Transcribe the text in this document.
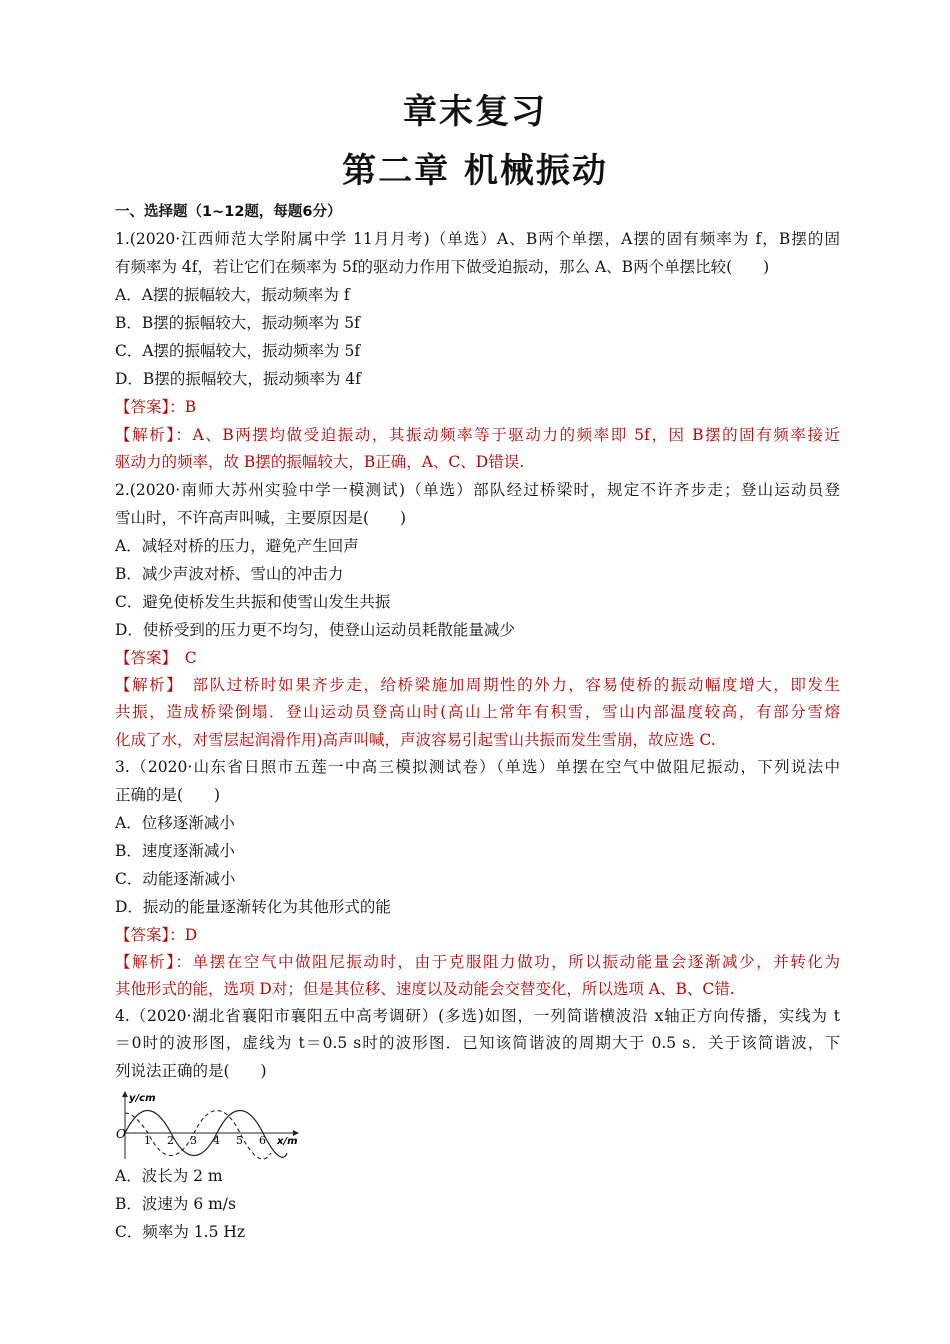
章末复习
第二章 机械振动
一、选择题（1~12题，每题6分）
1.(2020·江西师范大学附属中学 11月月考)（单选）A、B两个单摆，A摆的固有频率为 f，B摆的固
有频率为 4f，若让它们在频率为 5f的驱动力作用下做受迫振动，那么 A、B两个单摆比较(　　)
A．A摆的振幅较大，振动频率为 f
B．B摆的振幅较大，振动频率为 5f
C．A摆的振幅较大，振动频率为 5f
D．B摆的振幅较大，振动频率为 4f
【答案】：B
【解析】：A、B两摆均做受迫振动，其振动频率等于驱动力的频率即 5f，因 B摆的固有频率接近
驱动力的频率，故 B摆的振幅较大，B正确，A、C、D错误.
2.(2020·南师大苏州实验中学一模测试)（单选）部队经过桥梁时，规定不许齐步走；登山运动员登
雪山时，不许高声叫喊，主要原因是(　　)
A．减轻对桥的压力，避免产生回声
B．减少声波对桥、雪山的冲击力
C．避免使桥发生共振和使雪山发生共振
D．使桥受到的压力更不均匀，使登山运动员耗散能量减少
【答案】　C
【解析】　部队过桥时如果齐步走，给桥梁施加周期性的外力，容易使桥的振动幅度增大，即发生
共振，造成桥梁倒塌．登山运动员登高山时(高山上常年有积雪，雪山内部温度较高，有部分雪熔
化成了水，对雪层起润滑作用)高声叫喊，声波容易引起雪山共振而发生雪崩，故应选 C.
3.（2020·山东省日照市五莲一中高三模拟测试卷）（单选）单摆在空气中做阻尼振动，下列说法中
正确的是(　　)
A．位移逐渐减小
B．速度逐渐减小
C．动能逐渐减小
D．振动的能量逐渐转化为其他形式的能
【答案】：D
【解析】：单摆在空气中做阻尼振动时，由于克服阻力做功，所以振动能量会逐渐减少，并转化为
其他形式的能，选项 D对；但是其位移、速度以及动能会交替变化，所以选项 A、B、C错.
4.（2020·湖北省襄阳市襄阳五中高考调研）(多选)如图，一列简谐横波沿 x轴正方向传播，实线为 t
＝0时的波形图，虚线为 t＝0.5 s时的波形图．已知该简谐波的周期大于 0.5 s．关于该简谐波，下
列说法正确的是(　　)
O
y/cm
x/m
1 2 3 4 5 6
A．波长为 2 m
B．波速为 6 m/s
C．频率为 1.5 Hz
